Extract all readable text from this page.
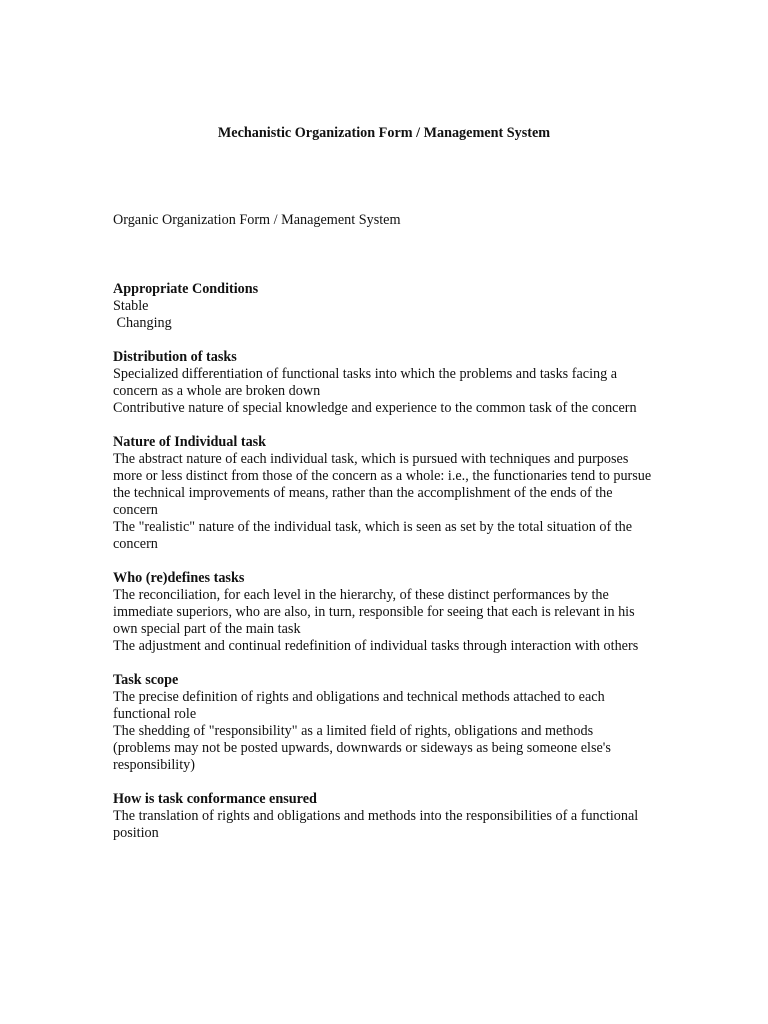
Mechanistic Organization Form / Management System
Organic Organization Form / Management System

Appropriate Conditions

Stable

Changing

Distribution of tasks

Specialized differentiation of functional tasks into which the problems and tasks facing a concern as a whole are broken down

Contributive nature of special knowledge and experience to the common task of the concern

Nature of Individual task

The abstract nature of each individual task, which is pursued with techniques and purposes more or less distinct from those of the concern as a whole: i.e., the functionaries tend to pursue the technical improvements of means, rather than the accomplishment of the ends of the concern

The "realistic" nature of the individual task, which is seen as set by the total situation of the concern

Who (re)defines tasks

The reconciliation, for each level in the hierarchy, of these distinct performances by the immediate superiors, who are also, in turn, responsible for seeing that each is relevant in his own special part of the main task

The adjustment and continual redefinition of individual tasks through interaction with others

Task scope

The precise definition of rights and obligations and technical methods attached to each functional role

The shedding of "responsibility" as a limited field of rights, obligations and methods (problems may not be posted upwards, downwards or sideways as being someone else's responsibility)

How is task conformance ensured

The translation of rights and obligations and methods into the responsibilities of a functional position
